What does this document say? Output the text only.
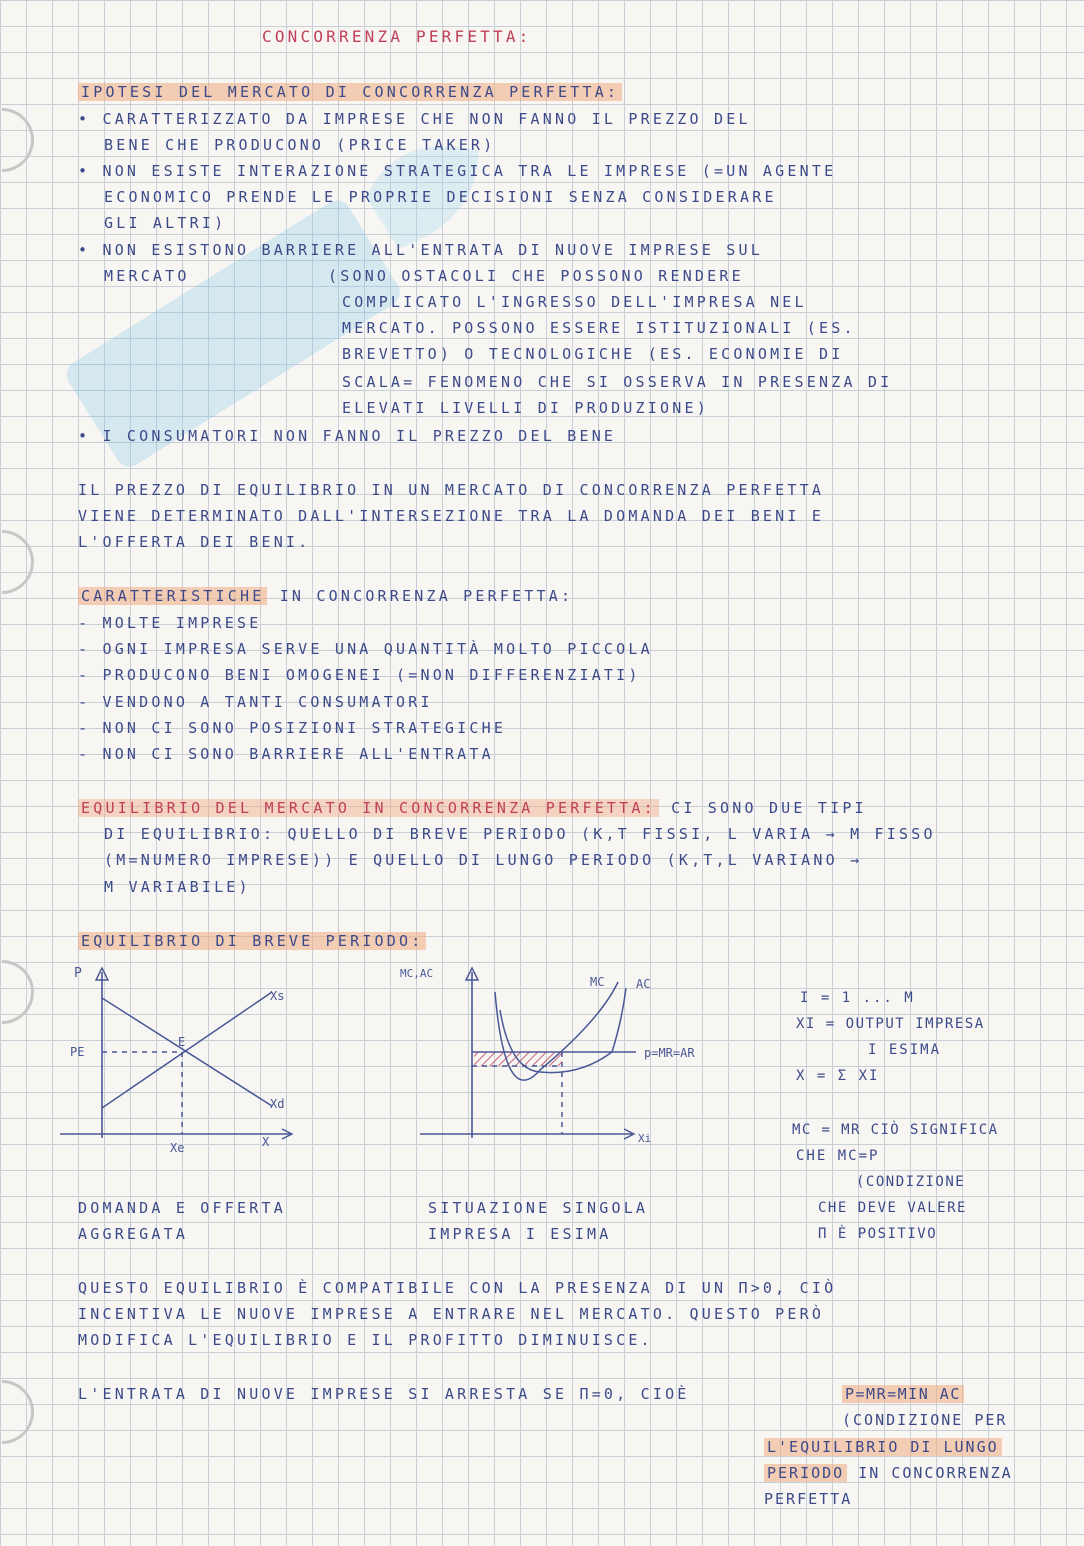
CONCORRENZA PERFETTA:
IPOTESI DEL MERCATO DI CONCORRENZA PERFETTA:
• CARATTERIZZATO DA IMPRESE CHE NON FANNO IL PREZZO DEL
BENE CHE PRODUCONO (PRICE TAKER)
• NON ESISTE INTERAZIONE STRATEGICA TRA LE IMPRESE (=UN AGENTE
ECONOMICO PRENDE LE PROPRIE DECISIONI SENZA CONSIDERARE
GLI ALTRI)
• NON ESISTONO BARRIERE ALL'ENTRATA DI NUOVE IMPRESE SUL
MERCATO	(SONO OSTACOLI CHE POSSONO RENDERE
COMPLICATO L'INGRESSO DELL'IMPRESA NEL
MERCATO. POSSONO ESSERE ISTITUZIONALI (ES.
BREVETTO) O TECNOLOGICHE (ES. ECONOMIE DI
SCALA= FENOMENO CHE SI OSSERVA IN PRESENZA DI
ELEVATI LIVELLI DI PRODUZIONE)
• I CONSUMATORI NON FANNO IL PREZZO DEL BENE
IL PREZZO DI EQUILIBRIO IN UN MERCATO DI CONCORRENZA PERFETTA
VIENE DETERMINATO DALL'INTERSEZIONE TRA LA DOMANDA DEI BENI E
L'OFFERTA DEI BENI.
CARATTERISTICHE IN CONCORRENZA PERFETTA:
- MOLTE IMPRESE
- OGNI IMPRESA SERVE UNA QUANTITÀ MOLTO PICCOLA
- PRODUCONO BENI OMOGENEI (=NON DIFFERENZIATI)
- VENDONO A TANTI CONSUMATORI
- NON CI SONO POSIZIONI STRATEGICHE
- NON CI SONO BARRIERE ALL'ENTRATA
EQUILIBRIO DEL MERCATO IN CONCORRENZA PERFETTA: CI SONO DUE TIPI
DI EQUILIBRIO: QUELLO DI BREVE PERIODO (K,T FISSI, L VARIA → M FISSO
(M=NUMERO IMPRESE)) E QUELLO DI LUNGO PERIODO (K,T,L VARIANO →
M VARIABILE)
EQUILIBRIO DI BREVE PERIODO:
P
X
Xs
Xd
E
PE
Xe
DOMANDA E OFFERTA
AGGREGATA
MC,AC
Xi
MC	AC
p=MR=AR
SITUAZIONE SINGOLA
IMPRESA I ESIMA
I = 1 ... M
XI = OUTPUT IMPRESA
I ESIMA
X = Σ XI
MC = MR CIÒ SIGNIFICA
CHE MC=P
(CONDIZIONE
CHE DEVE VALERE
Π È POSITIVO
QUESTO EQUILIBRIO È COMPATIBILE CON LA PRESENZA DI UN Π>0, CIÒ
INCENTIVA LE NUOVE IMPRESE A ENTRARE NEL MERCATO. QUESTO PERÒ
MODIFICA L'EQUILIBRIO E IL PROFITTO DIMINUISCE.
L'ENTRATA DI NUOVE IMPRESE SI ARRESTA SE Π=0, CIOÈ	P=MR=MIN AC
(CONDIZIONE PER
L'EQUILIBRIO DI LUNGO
PERIODO IN CONCORRENZA
PERFETTA
